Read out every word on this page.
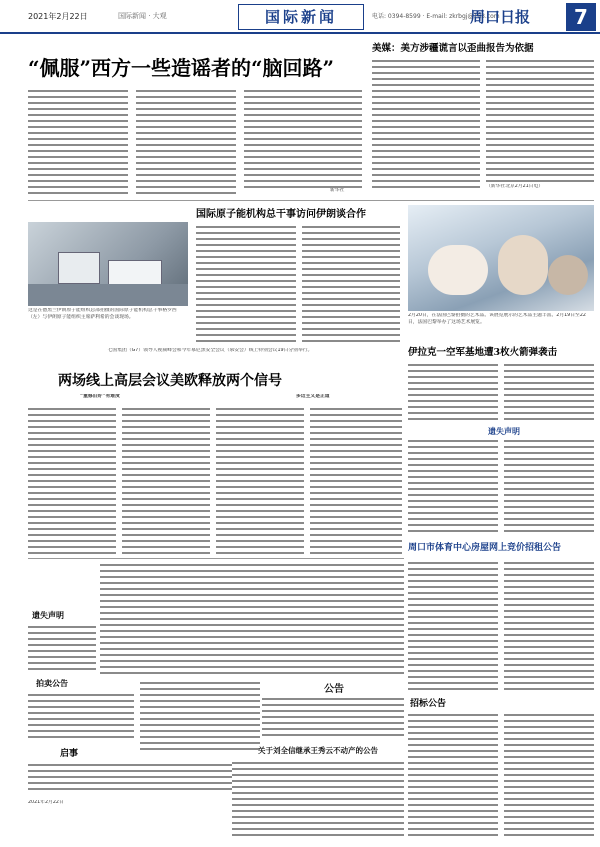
2021年2月22日	国际新闻 · 大观	国际新闻	电话: 0394-8599 · E-mail: zkrbgj@163.com
周口日报	7
“佩服”西方一些造谣者的“脑回路”
新华社
美媒：美方涉疆谎言以歪曲报告为依据
（新华社北京2月21日电）
国际原子能机构总干事访问伊朗谈合作
这是在德黑兰伊朗原子能组织总部拍摄的国际原子能机构总干事格罗西（左）与伊朗原子能组织主席萨利希的会谈现场。	2月20日，在法国巴黎拍摄的艺术品。该展览展示的艺术品主题丰富。2月19日至22日，法国巴黎举办了这场艺术展览。
伊拉克一空军基地遭3枚火箭弹袭击
七国集团（G7）领导人视频峰会和今年慕尼黑安全会议（慕安会）线上特别会议19日分别举行。
两场线上高层会议美欧释放两个信号
“重修旧好”有难度	多边主义是正道
遗失声明
遗失声明
拍卖公告
启事
公告
关于刘全信继承王秀云不动产的公告
周口市体育中心房屋网上竞价招租公告
招标公告
2021年2月22日
